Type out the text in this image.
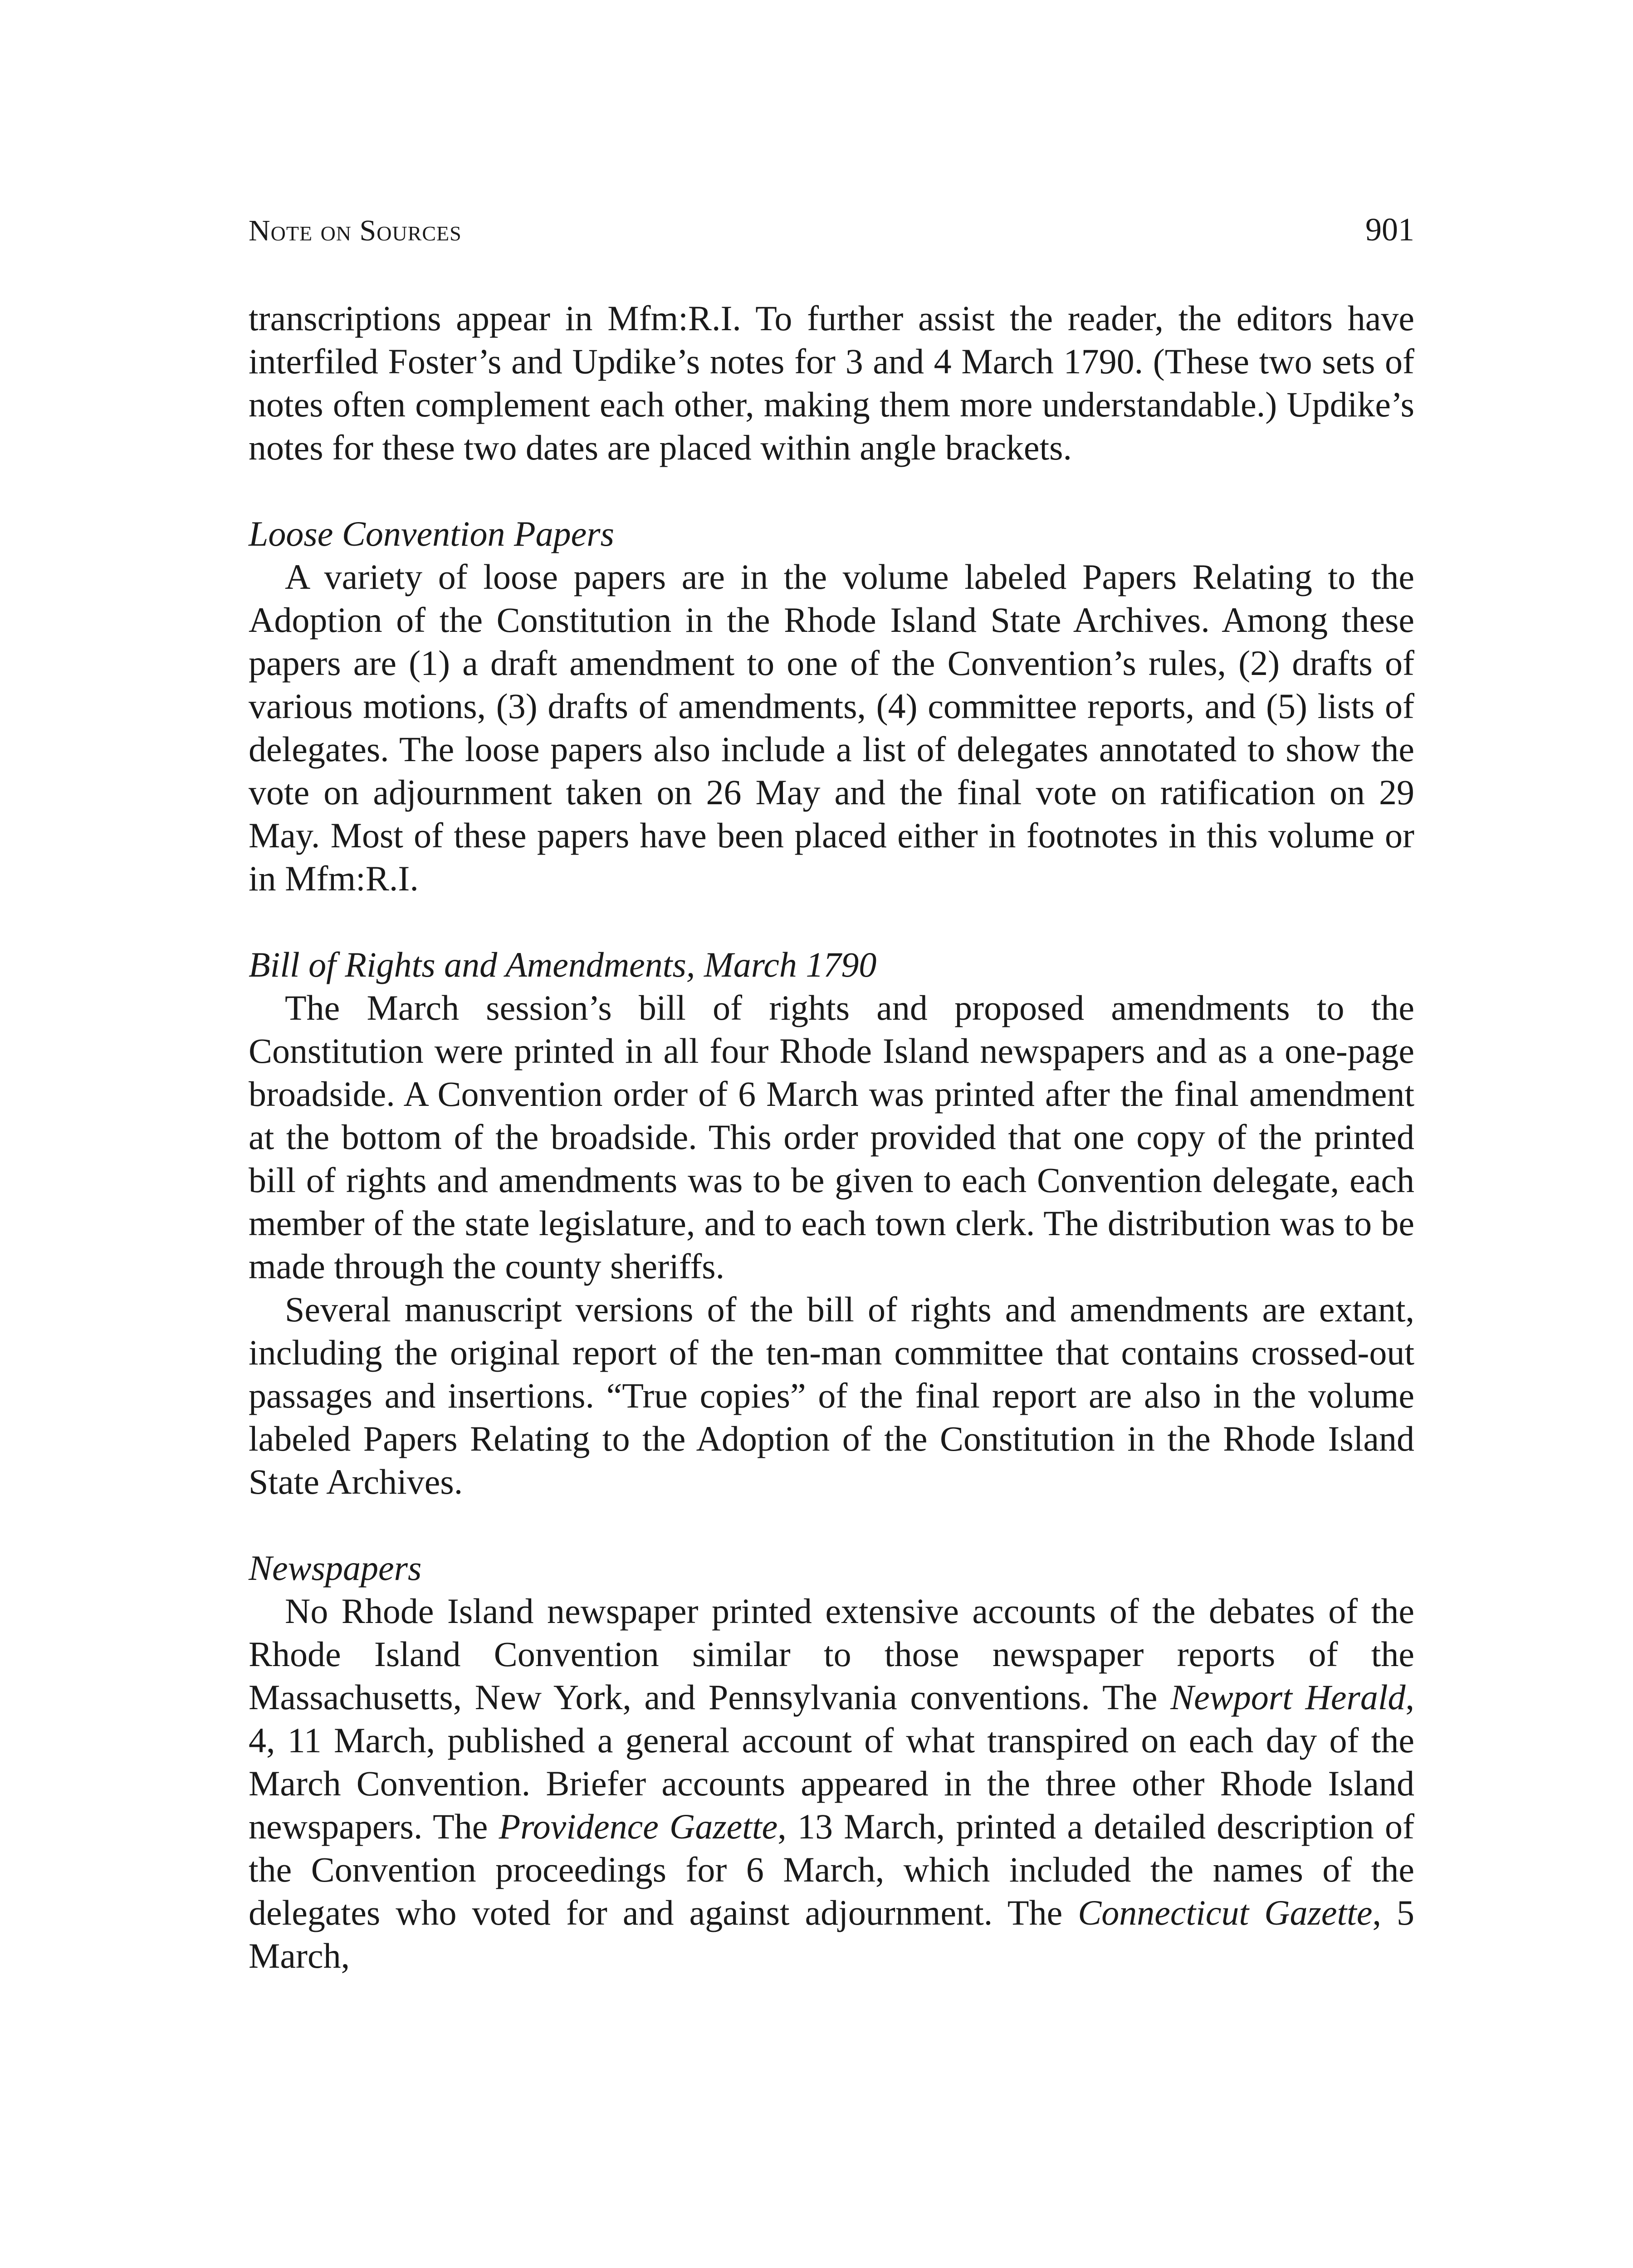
Note on Sources	901

transcriptions appear in Mfm:R.I. To further assist the reader, the editors have interfiled Foster’s and Updike’s notes for 3 and 4 March 1790. (These two sets of notes often complement each other, making them more understandable.) Updike’s notes for these two dates are placed within angle brackets.

Loose Convention Papers

A variety of loose papers are in the volume labeled Papers Relating to the Adoption of the Constitution in the Rhode Island State Archives. Among these papers are (1) a draft amendment to one of the Convention’s rules, (2) drafts of various motions, (3) drafts of amendments, (4) committee reports, and (5) lists of delegates. The loose papers also include a list of delegates annotated to show the vote on adjournment taken on 26 May and the final vote on ratification on 29 May. Most of these papers have been placed either in footnotes in this volume or in Mfm:R.I.

Bill of Rights and Amendments, March 1790

The March session’s bill of rights and proposed amendments to the Constitution were printed in all four Rhode Island newspapers and as a one-page broadside. A Convention order of 6 March was printed after the final amendment at the bottom of the broadside. This order provided that one copy of the printed bill of rights and amendments was to be given to each Convention delegate, each member of the state legislature, and to each town clerk. The distribution was to be made through the county sheriffs.

Several manuscript versions of the bill of rights and amendments are extant, including the original report of the ten-man committee that contains crossed-out passages and insertions. “True copies” of the final report are also in the volume labeled Papers Relating to the Adoption of the Constitution in the Rhode Island State Archives.

Newspapers

No Rhode Island newspaper printed extensive accounts of the debates of the Rhode Island Convention similar to those newspaper reports of the Massachusetts, New York, and Pennsylvania conventions. The Newport Herald, 4, 11 March, published a general account of what transpired on each day of the March Convention. Briefer accounts appeared in the three other Rhode Island newspapers. The Providence Gazette, 13 March, printed a detailed description of the Convention proceedings for 6 March, which included the names of the delegates who voted for and against adjournment. The Connecticut Gazette, 5 March,
